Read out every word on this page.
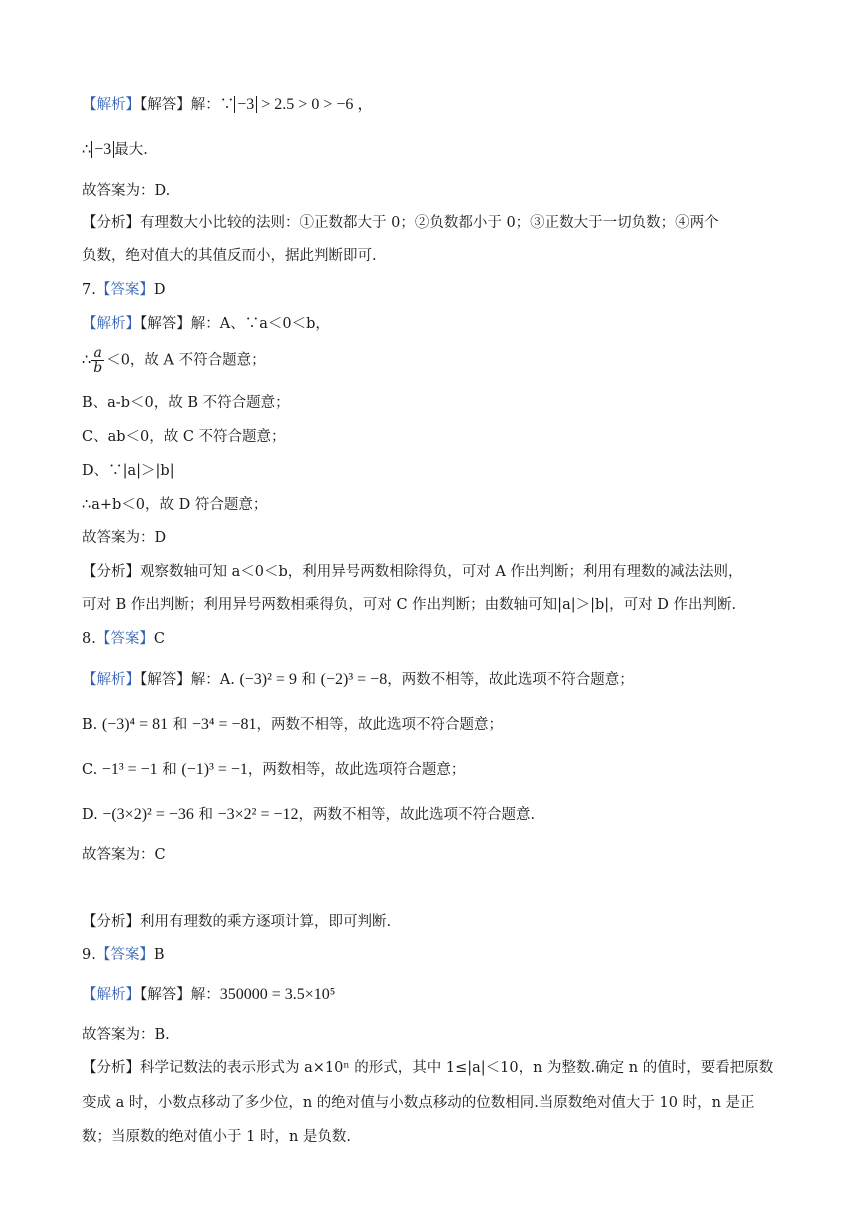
【解析】【解答】解：∵ −3 > 2.5 > 0 > −6 ，
∴ −3 最大.
故答案为：D.
【分析】有理数大小比较的法则：①正数都大于 0；②负数都小于 0；③正数大于一切负数；④两个
负数，绝对值大的其值反而小，据此判断即可.
7.【答案】D
【解析】【解答】解：A、∵a＜0＜b，
∴ $\frac{a}{b} <0$，故 A 不符合题意；
B、a-b＜0，故 B 不符合题意；
C、ab＜0，故 C 不符合题意；
D、∵|a|＞|b|
∴a+b＜0，故 D 符合题意；
故答案为：D
【分析】观察数轴可知 a＜0＜b，利用异号两数相除得负，可对 A 作出判断；利用有理数的减法法则，
可对 B 作出判断；利用异号两数相乘得负，可对 C 作出判断；由数轴可知|a|＞|b|，可对 D 作出判断.
8.【答案】C
【解析】【解答】解：A. (−3)² = 9 和 (−2)³ = −8，两数不相等，故此选项不符合题意；
B. (−3)⁴ = 81 和 −3⁴ = −81，两数不相等，故此选项不符合题意；
C. −1³ = −1 和 (−1)³ = −1，两数相等，故此选项符合题意；
D. −(3×2)² = −36 和 −3×2² = −12，两数不相等，故此选项不符合题意.
故答案为：C
【分析】利用有理数的乘方逐项计算，即可判断.
9.【答案】B
【解析】【解答】解：350000 = 3.5×10⁵
故答案为：B.
【分析】科学记数法的表示形式为 a×10ⁿ 的形式，其中 1≤|a|＜10，n 为整数.确定 n 的值时，要看把原数
变成 a 时，小数点移动了多少位，n 的绝对值与小数点移动的位数相同.当原数绝对值大于 10 时，n 是正
数；当原数的绝对值小于 1 时，n 是负数.
